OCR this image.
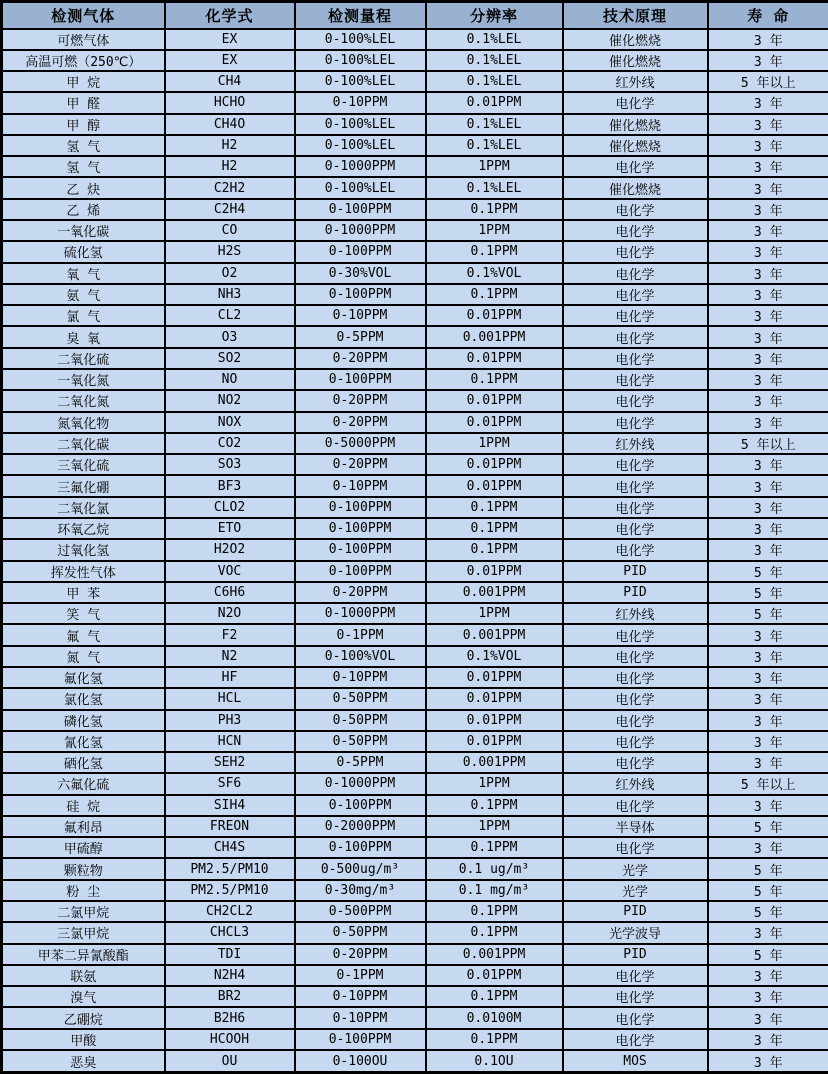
检测气体	化学式	检测量程	分辨率	技术原理	寿 命
可燃气体	EX	0-100%LEL	0.1%LEL	催化燃烧	3 年
高温可燃（250℃）	EX	0-100%LEL	0.1%LEL	催化燃烧	3 年
甲 烷	CH4	0-100%LEL	0.1%LEL	红外线	5 年以上
甲 醛	HCHO	0-10PPM	0.01PPM	电化学	3 年
甲 醇	CH4O	0-100%LEL	0.1%LEL	催化燃烧	3 年
氢 气	H2	0-100%LEL	0.1%LEL	催化燃烧	3 年
氢 气	H2	0-1000PPM	1PPM	电化学	3 年
乙 炔	C2H2	0-100%LEL	0.1%LEL	催化燃烧	3 年
乙 烯	C2H4	0-100PPM	0.1PPM	电化学	3 年
一氧化碳	CO	0-1000PPM	1PPM	电化学	3 年
硫化氢	H2S	0-100PPM	0.1PPM	电化学	3 年
氧 气	O2	0-30%VOL	0.1%VOL	电化学	3 年
氨 气	NH3	0-100PPM	0.1PPM	电化学	3 年
氯 气	CL2	0-10PPM	0.01PPM	电化学	3 年
臭 氧	O3	0-5PPM	0.001PPM	电化学	3 年
二氧化硫	SO2	0-20PPM	0.01PPM	电化学	3 年
一氧化氮	NO	0-100PPM	0.1PPM	电化学	3 年
二氧化氮	NO2	0-20PPM	0.01PPM	电化学	3 年
氮氧化物	NOX	0-20PPM	0.01PPM	电化学	3 年
二氧化碳	CO2	0-5000PPM	1PPM	红外线	5 年以上
三氧化硫	SO3	0-20PPM	0.01PPM	电化学	3 年
三氟化硼	BF3	0-10PPM	0.01PPM	电化学	3 年
二氧化氯	CLO2	0-100PPM	0.1PPM	电化学	3 年
环氧乙烷	ETO	0-100PPM	0.1PPM	电化学	3 年
过氧化氢	H2O2	0-100PPM	0.1PPM	电化学	3 年
挥发性气体	VOC	0-100PPM	0.01PPM	PID	5 年
甲 苯	C6H6	0-20PPM	0.001PPM	PID	5 年
笑 气	N2O	0-1000PPM	1PPM	红外线	5 年
氟 气	F2	0-1PPM	0.001PPM	电化学	3 年
氮 气	N2	0-100%VOL	0.1%VOL	电化学	3 年
氟化氢	HF	0-10PPM	0.01PPM	电化学	3 年
氯化氢	HCL	0-50PPM	0.01PPM	电化学	3 年
磷化氢	PH3	0-50PPM	0.01PPM	电化学	3 年
氰化氢	HCN	0-50PPM	0.01PPM	电化学	3 年
硒化氢	SEH2	0-5PPM	0.001PPM	电化学	3 年
六氟化硫	SF6	0-1000PPM	1PPM	红外线	5 年以上
硅 烷	SIH4	0-100PPM	0.1PPM	电化学	3 年
氟利昂	FREON	0-2000PPM	1PPM	半导体	5 年
甲硫醇	CH4S	0-100PPM	0.1PPM	电化学	3 年
颗粒物	PM2.5/PM10	0-500ug/m³	0.1 ug/m³	光学	5 年
粉 尘	PM2.5/PM10	0-30mg/m³	0.1 mg/m³	光学	5 年
二氯甲烷	CH2CL2	0-500PPM	0.1PPM	PID	5 年
三氯甲烷	CHCL3	0-50PPM	0.1PPM	光学波导	3 年
甲苯二异氰酸酯	TDI	0-20PPM	0.001PPM	PID	5 年
联氨	N2H4	0-1PPM	0.01PPM	电化学	3 年
溴气	BR2	0-10PPM	0.1PPM	电化学	3 年
乙硼烷	B2H6	0-10PPM	0.0100M	电化学	3 年
甲酸	HCOOH	0-100PPM	0.1PPM	电化学	3 年
恶臭	OU	0-100OU	0.1OU	MOS	3 年
